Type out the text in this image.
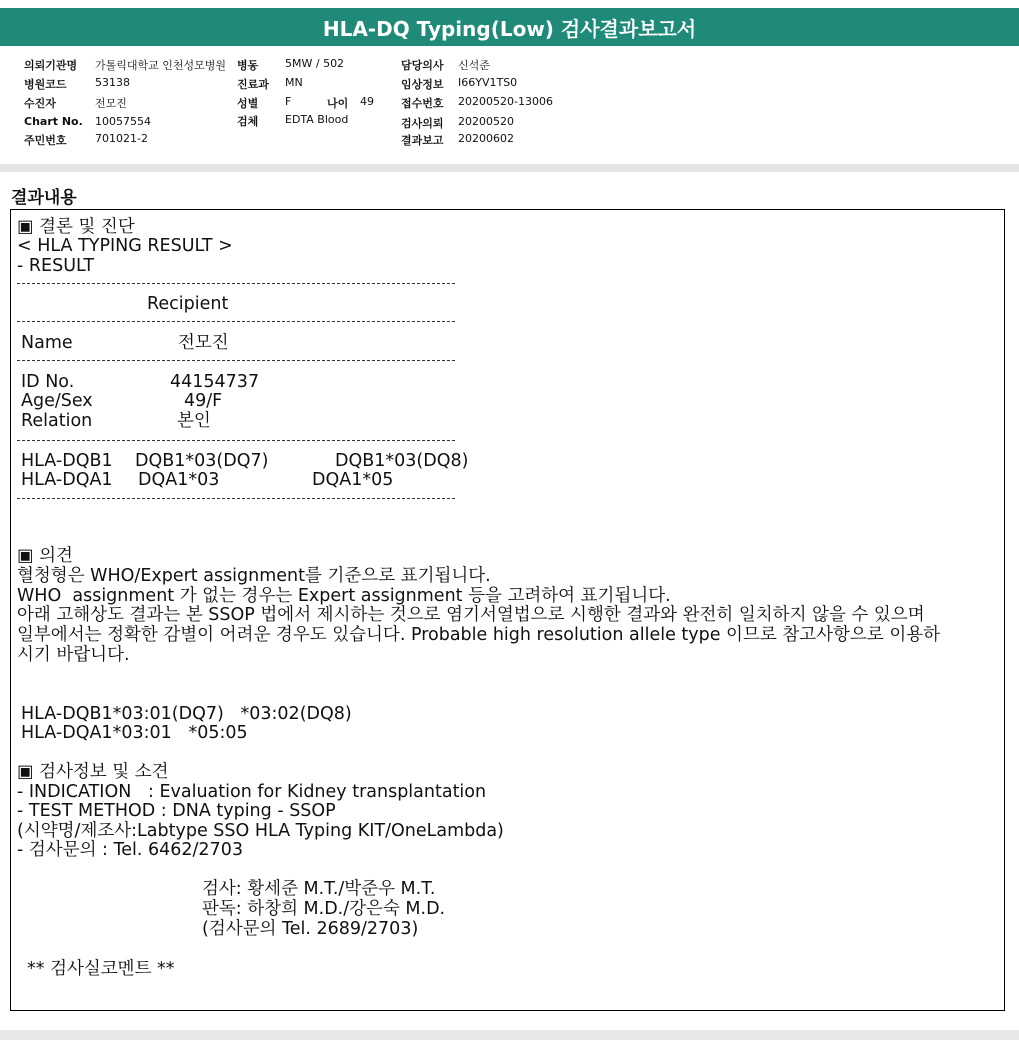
HLA-DQ Typing(Low) 검사결과보고서
의뢰기관명 가톨릭대학교 인천성모병원 병동 5MW / 502	담당의사 신석준
병원코드	53138	진료과 MN	임상정보 I66YV1TS0
수진자	전모진	성별 F	나이 49 접수번호 20200520-13006
Chart No. 10057554	검체 EDTA Blood	검사의뢰 20200520
주민번호	701021-2	결과보고 20200602
결과내용
▣ 결론 및 진단
< HLA TYPING RESULT >
- RESULT
Recipient
Name	전모진
ID No.	44154737
Age/Sex	49/F
Relation	본인
HLA-DQB1 DQB1*03(DQ7)	DQB1*03(DQ8)
HLA-DQA1 DQA1*03	DQA1*05
▣ 의견
혈청형은 WHO/Expert assignment를 기준으로 표기됩니다.
WHO  assignment 가 없는 경우는 Expert assignment 등을 고려하여 표기됩니다.
아래 고해상도 결과는 본 SSOP 법에서 제시하는 것으로 염기서열법으로 시행한 결과와 완전히 일치하지 않을 수 있으며
일부에서는 정확한 감별이 어려운 경우도 있습니다. Probable high resolution allele type 이므로 참고사항으로 이용하
시기 바랍니다.
HLA-DQB1*03:01(DQ7)   *03:02(DQ8)
HLA-DQA1*03:01   *05:05
▣ 검사정보 및 소견
- INDICATION   : Evaluation for Kidney transplantation
- TEST METHOD : DNA typing - SSOP
(시약명/제조사:Labtype SSO HLA Typing KIT/OneLambda)
- 검사문의 : Tel. 6462/2703
검사: 황세준 M.T./박준우 M.T.
판독: 하창희 M.D./강은숙 M.D.
(검사문의 Tel. 2689/2703)
** 검사실코멘트 **
